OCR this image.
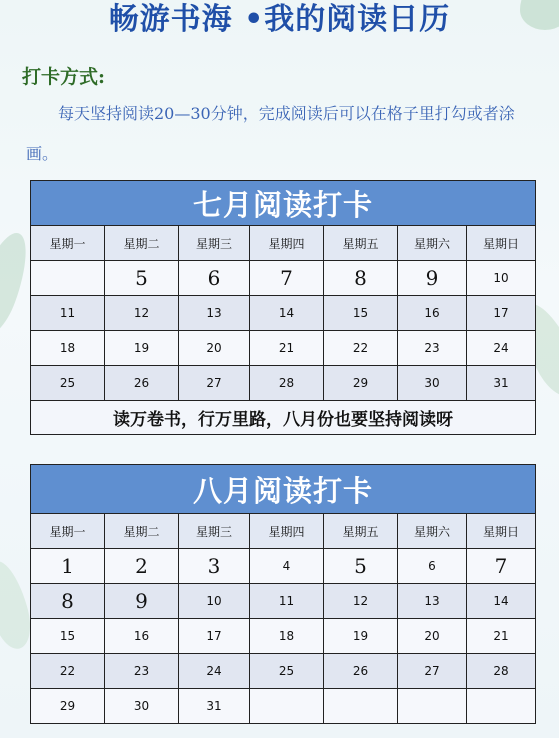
畅游书海 •我的阅读日历
打卡方式:
每天坚持阅读20—30分钟，完成阅读后可以在格子里打勾或者涂画。
七月阅读打卡						
星期一	星期二	星期三	星期四	星期五	星期六	星期日
	5	6	7	8	9	10
11	12	13	14	15	16	17
18	19	20	21	22	23	24
25	26	27	28	29	30	31
读万卷书，行万里路，八月份也要坚持阅读呀						
八月阅读打卡						
星期一	星期二	星期三	星期四	星期五	星期六	星期日
1	2	3	4	5	6	7
8	9	10	11	12	13	14
15	16	17	18	19	20	21
22	23	24	25	26	27	28
29	30	31				
